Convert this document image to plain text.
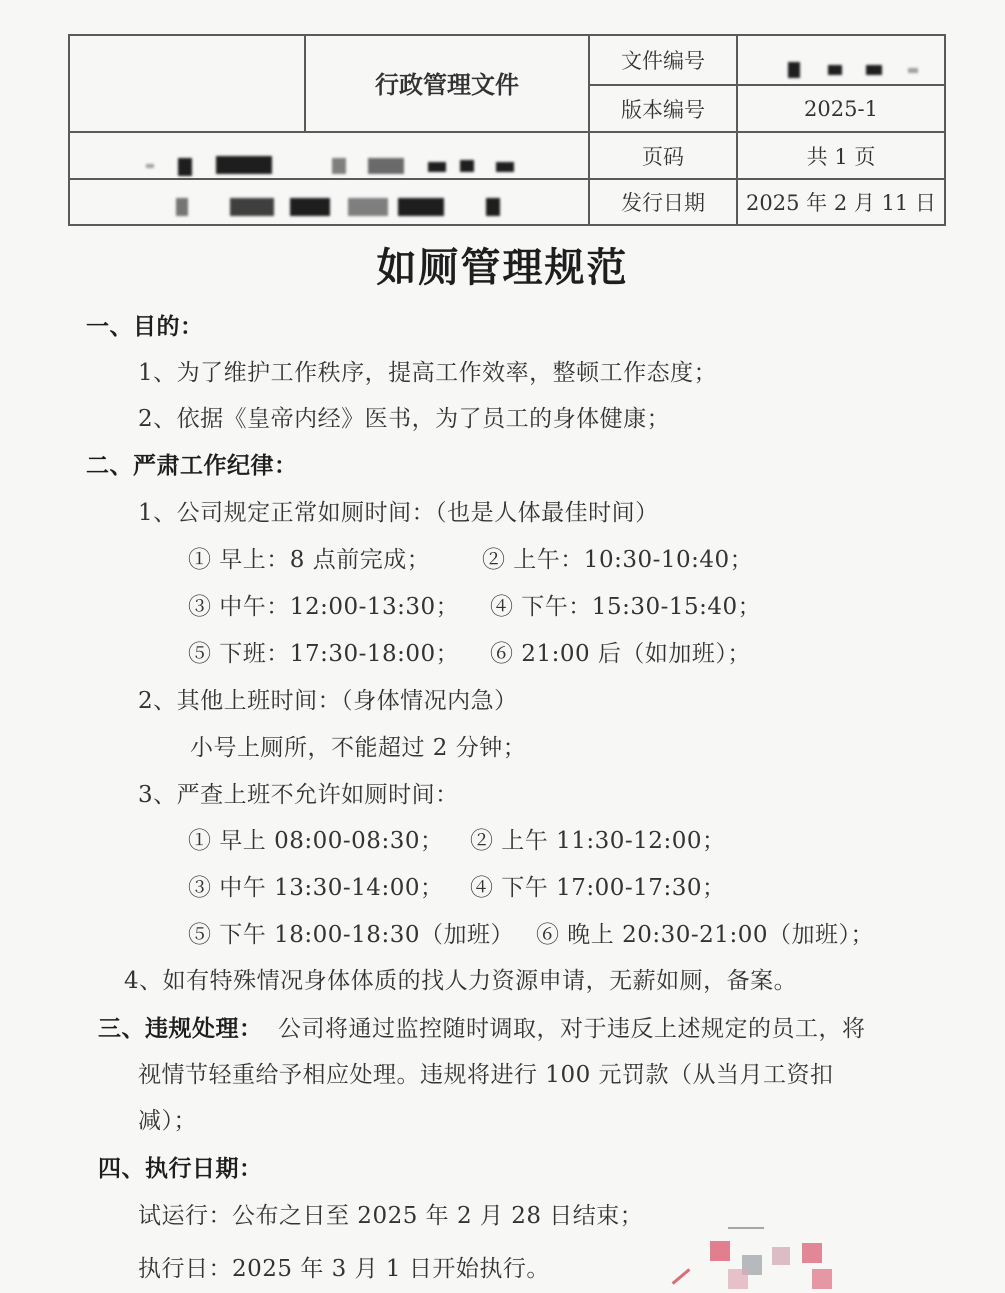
行政管理文件
文件编号
版本编号
页码
发行日期
2025-1
共 1 页
2025 年 2 月 11 日
如厕管理规范
一、目的：
1、为了维护工作秩序，提高工作效率，整顿工作态度；
2、依据《皇帝内经》医书，为了员工的身体健康；
二、严肃工作纪律：
1、公司规定正常如厕时间：（也是人体最佳时间）
① 早上：8 点前完成； ② 上午：10:30-10:40；
③ 中午：12:00-13:30； ④ 下午：15:30-15:40；
⑤ 下班：17:30-18:00； ⑥ 21:00 后（如加班）；
2、其他上班时间：（身体情况内急）
小号上厕所，不能超过 2 分钟；
3、严查上班不允许如厕时间：
① 早上 08:00-08:30； ② 上午 11:30-12:00；
③ 中午 13:30-14:00； ④ 下午 17:00-17:30；
⑤ 下午 18:00-18:30（加班） ⑥ 晚上 20:30-21:00（加班）；
4、如有特殊情况身体体质的找人力资源申请，无薪如厕，备案。
三、违规处理： 公司将通过监控随时调取，对于违反上述规定的员工，将
视情节轻重给予相应处理。违规将进行 100 元罚款（从当月工资扣
减）；
四、执行日期：
试运行：公布之日至 2025 年 2 月 28 日结束；
执行日：2025 年 3 月 1 日开始执行。
